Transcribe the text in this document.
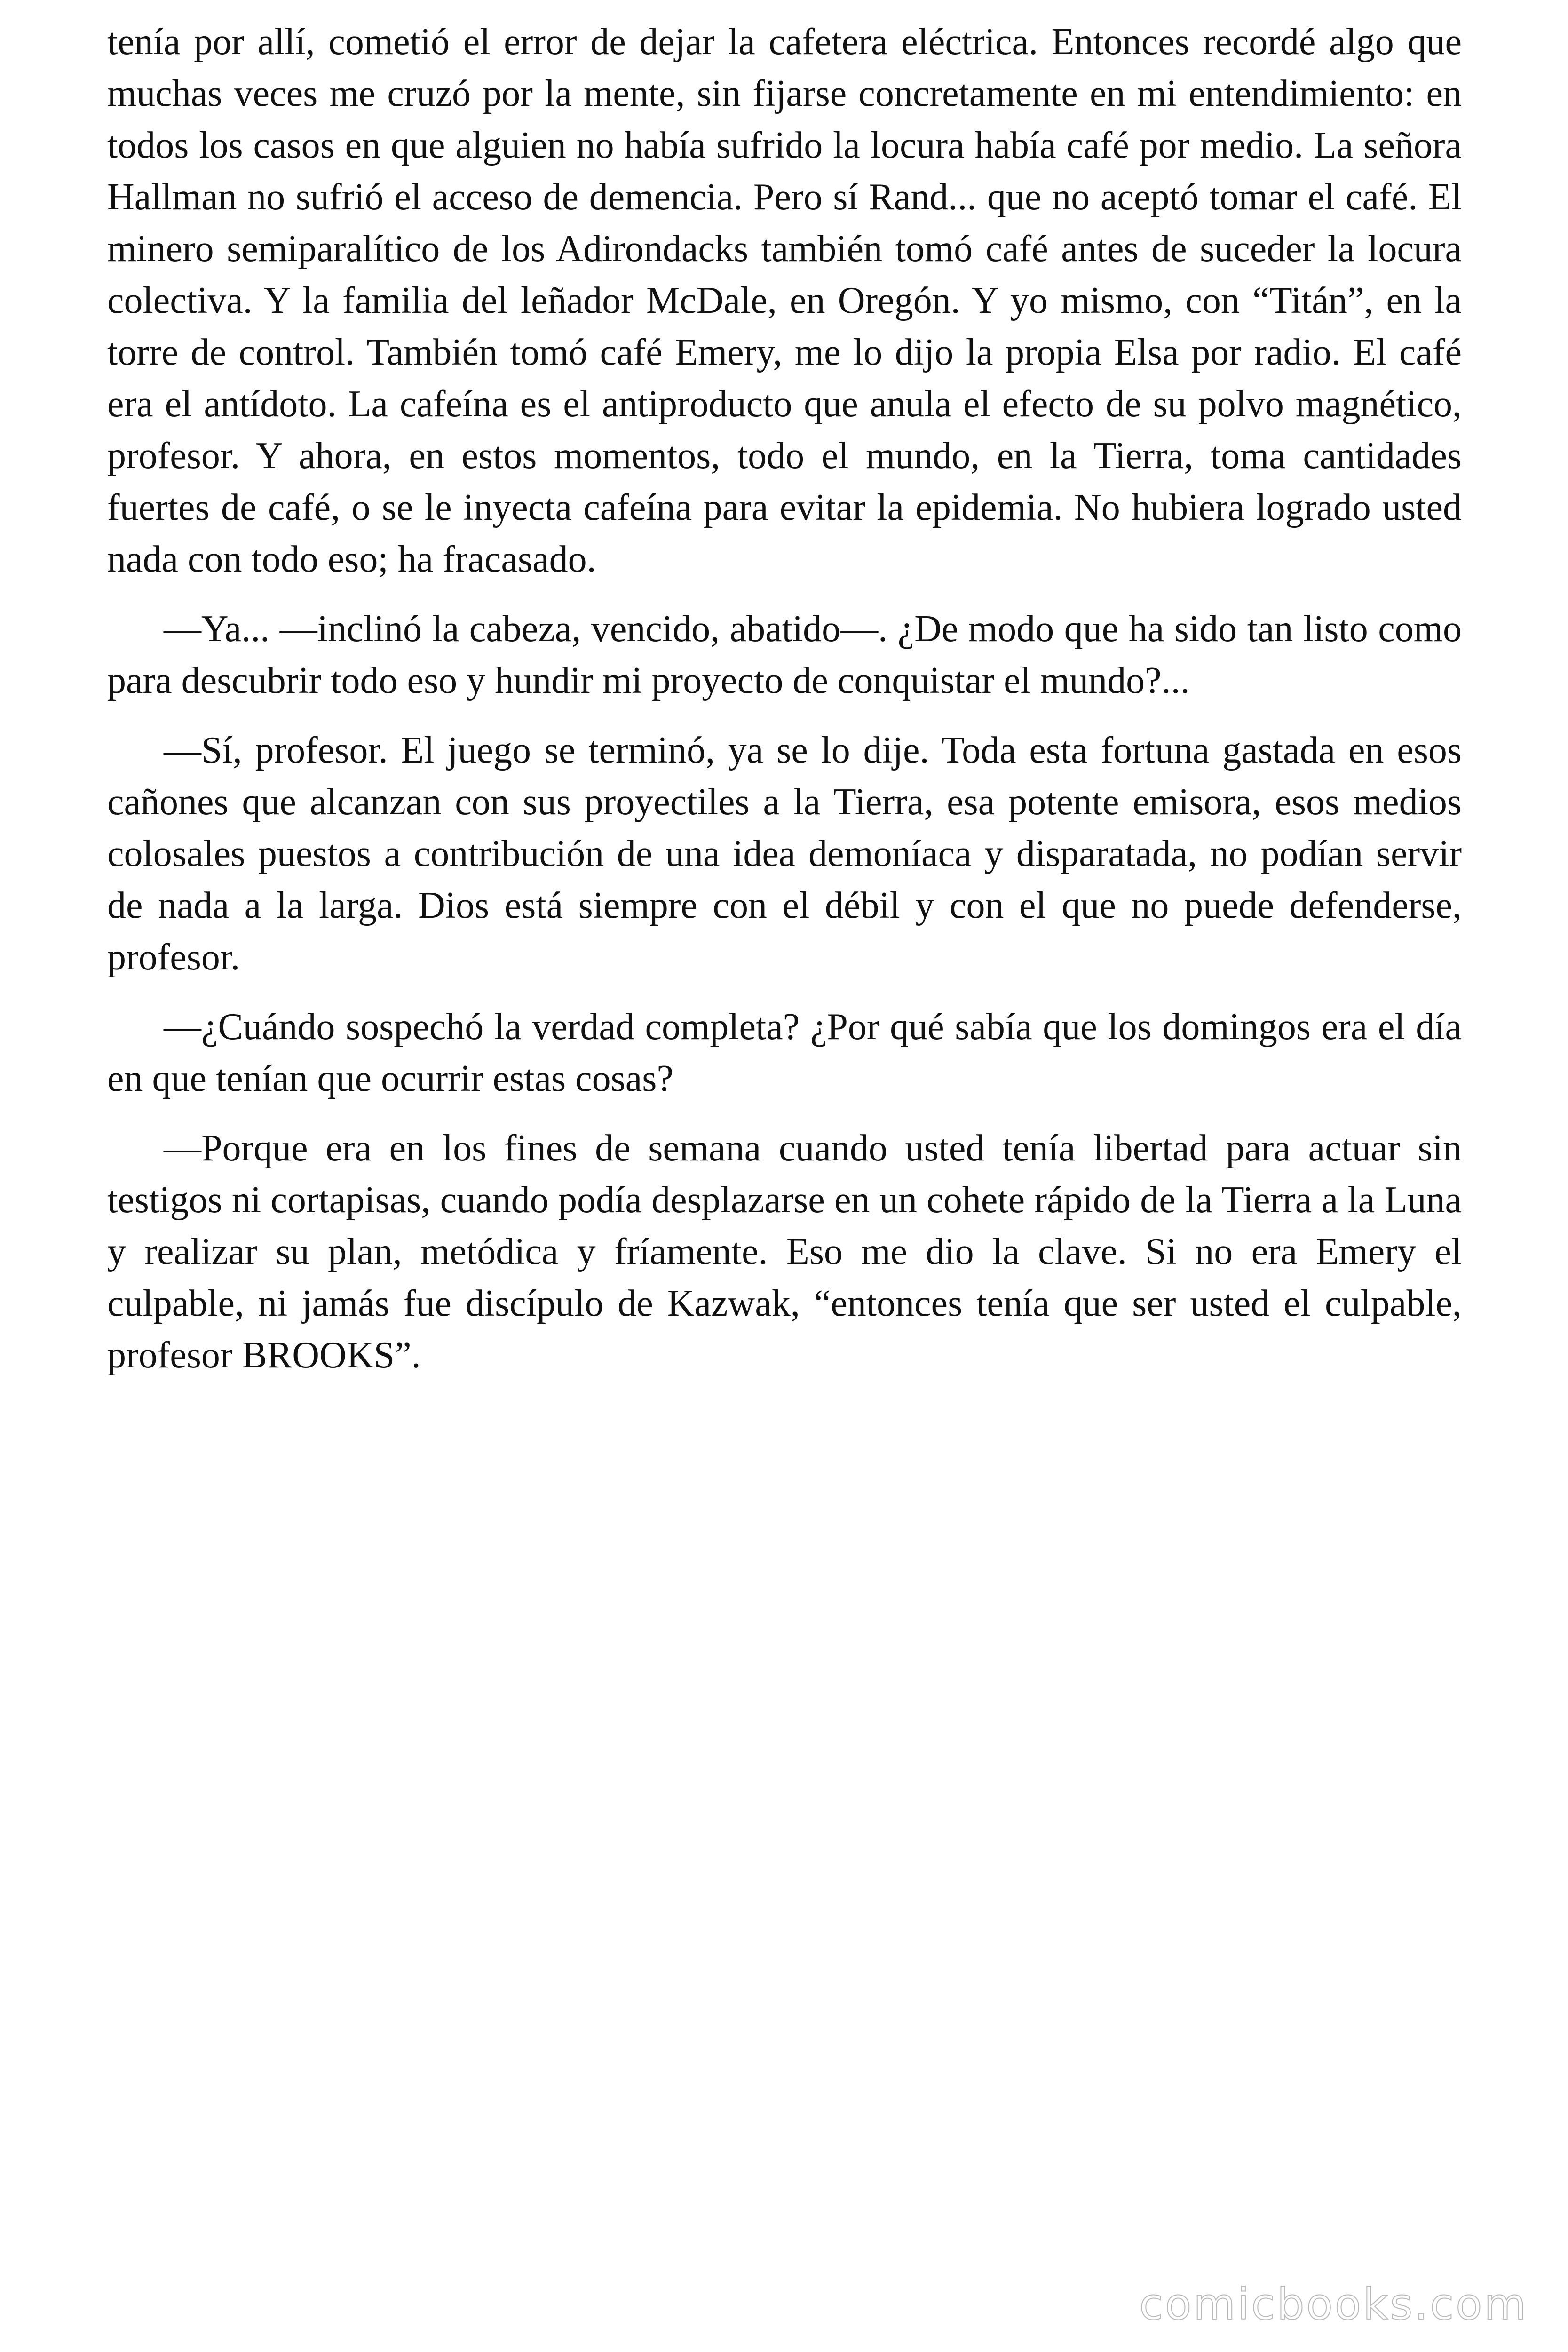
tenía por allí, cometió el error de dejar la cafetera eléctrica. Entonces recordé algo que muchas veces me cruzó por la mente, sin fijarse concretamente en mi entendimiento: en todos los casos en que alguien no había sufrido la locura había café por medio. La señora Hallman no sufrió el acceso de demencia. Pero sí Rand... que no aceptó tomar el café. El minero semiparalítico de los Adirondacks también tomó café antes de suceder la locura colectiva. Y la familia del leñador McDale, en Oregón. Y yo mismo, con “Titán”, en la torre de control. También tomó café Emery, me lo dijo la propia Elsa por radio. El café era el antídoto. La cafeína es el antiproducto que anula el efecto de su polvo magnético, profesor. Y ahora, en estos momentos, todo el mundo, en la Tierra, toma cantidades fuertes de café, o se le inyecta cafeína para evitar la epidemia. No hubiera logrado usted nada con todo eso; ha fracasado.

—Ya... —inclinó la cabeza, vencido, abatido—. ¿De modo que ha sido tan listo como para descubrir todo eso y hundir mi proyecto de conquistar el mundo?...

—Sí, profesor. El juego se terminó, ya se lo dije. Toda esta fortuna gastada en esos cañones que alcanzan con sus proyectiles a la Tierra, esa potente emisora, esos medios colosales puestos a contribución de una idea demoníaca y disparatada, no podían servir de nada a la larga. Dios está siempre con el débil y con el que no puede defenderse, profesor.

—¿Cuándo sospechó la verdad completa? ¿Por qué sabía que los domingos era el día en que tenían que ocurrir estas cosas?

—Porque era en los fines de semana cuando usted tenía libertad para actuar sin testigos ni cortapisas, cuando podía desplazarse en un cohete rápido de la Tierra a la Luna y realizar su plan, metódica y fríamente. Eso me dio la clave. Si no era Emery el culpable, ni jamás fue discípulo de Kazwak, “entonces tenía que ser usted el culpable, profesor BROOKS”.

comicbooks.com
